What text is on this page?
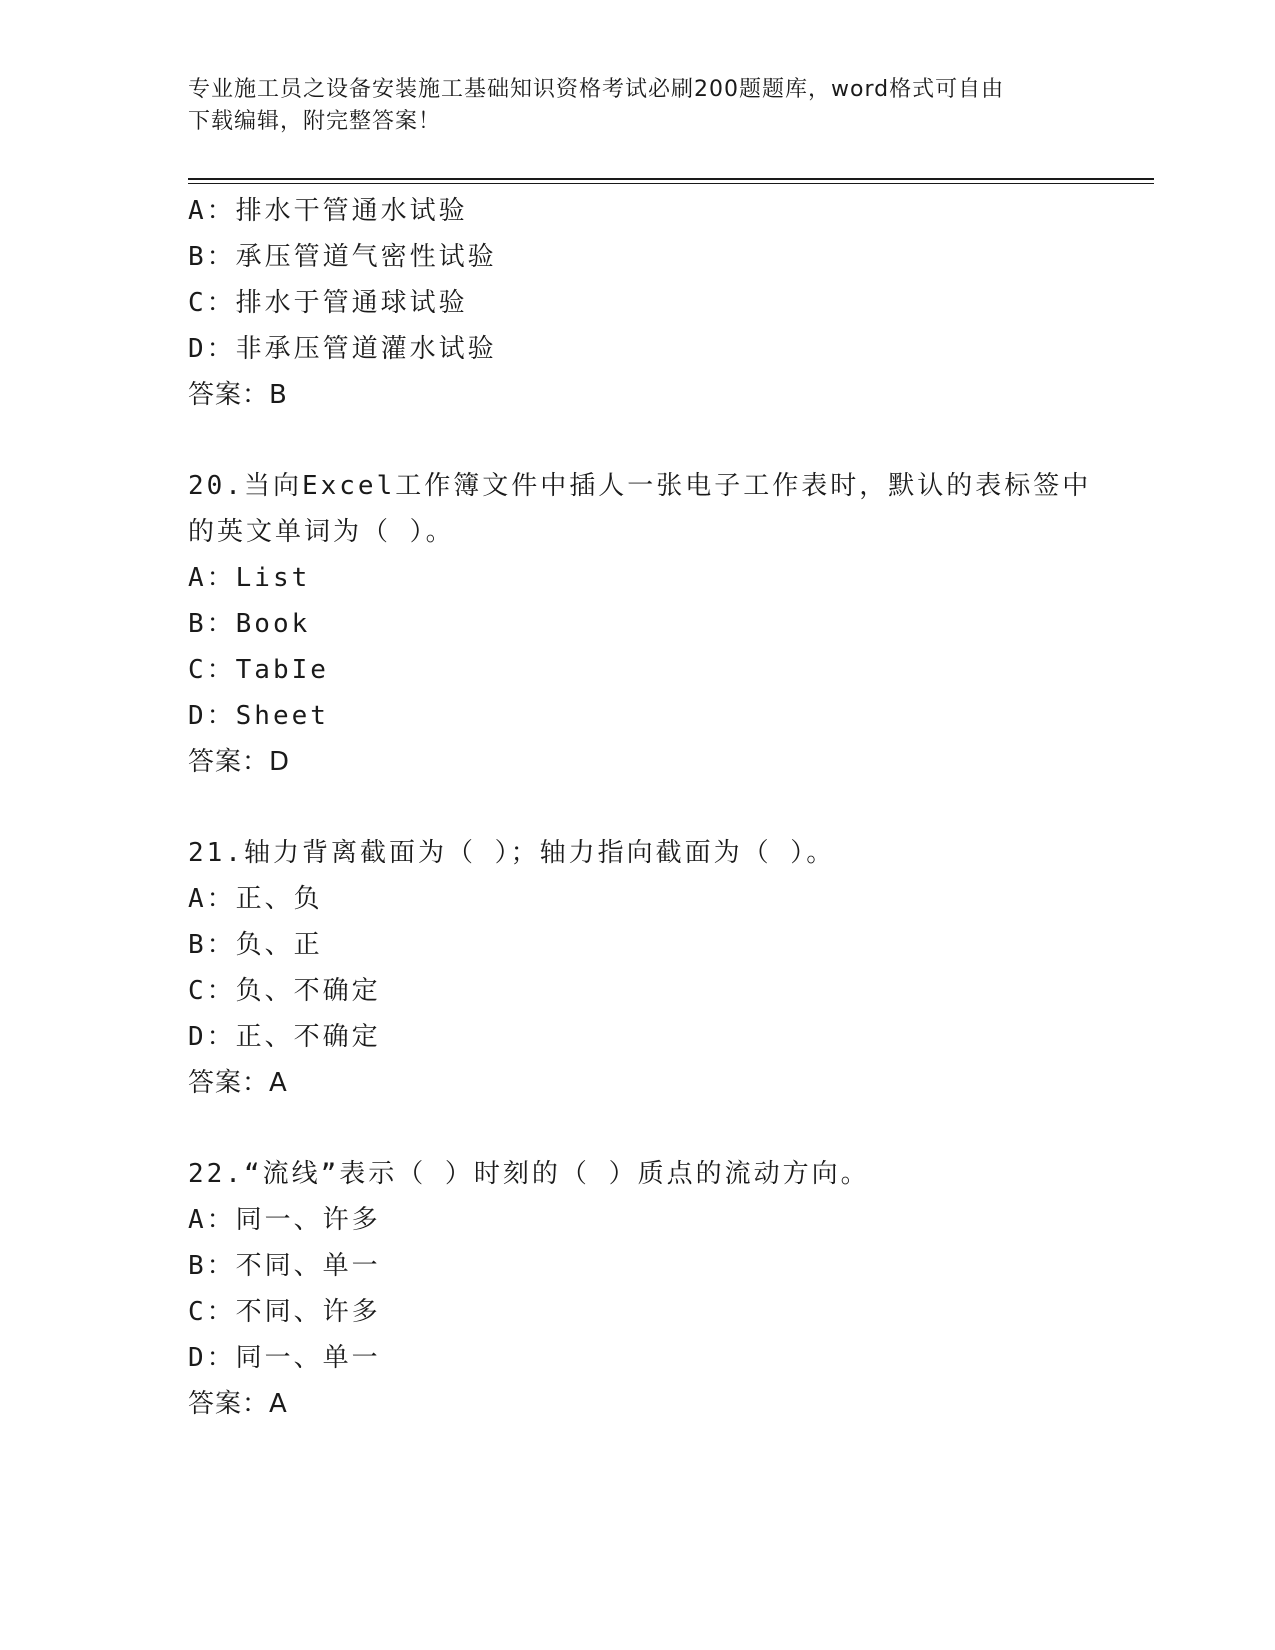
专业施工员之设备安装施工基础知识资格考试必刷200题题库，word格式可自由
下载编辑，附完整答案！
A：排水干管通水试验
B：承压管道气密性试验
C：排水于管通球试验
D：非承压管道灌水试验
答案：B
20.当向Excel工作簿文件中插人一张电子工作表时，默认的表标签中
的英文单词为（ ）。
A：List
B：Book
C：TabIe
D：Sheet
答案：D
21.轴力背离截面为（ ）；轴力指向截面为（ ）。
A：正、负
B：负、正
C：负、不确定
D：正、不确定
答案：A
22.“流线”表示（ ）时刻的（ ）质点的流动方向。
A：同一、许多
B：不同、单一
C：不同、许多
D：同一、单一
答案：A
